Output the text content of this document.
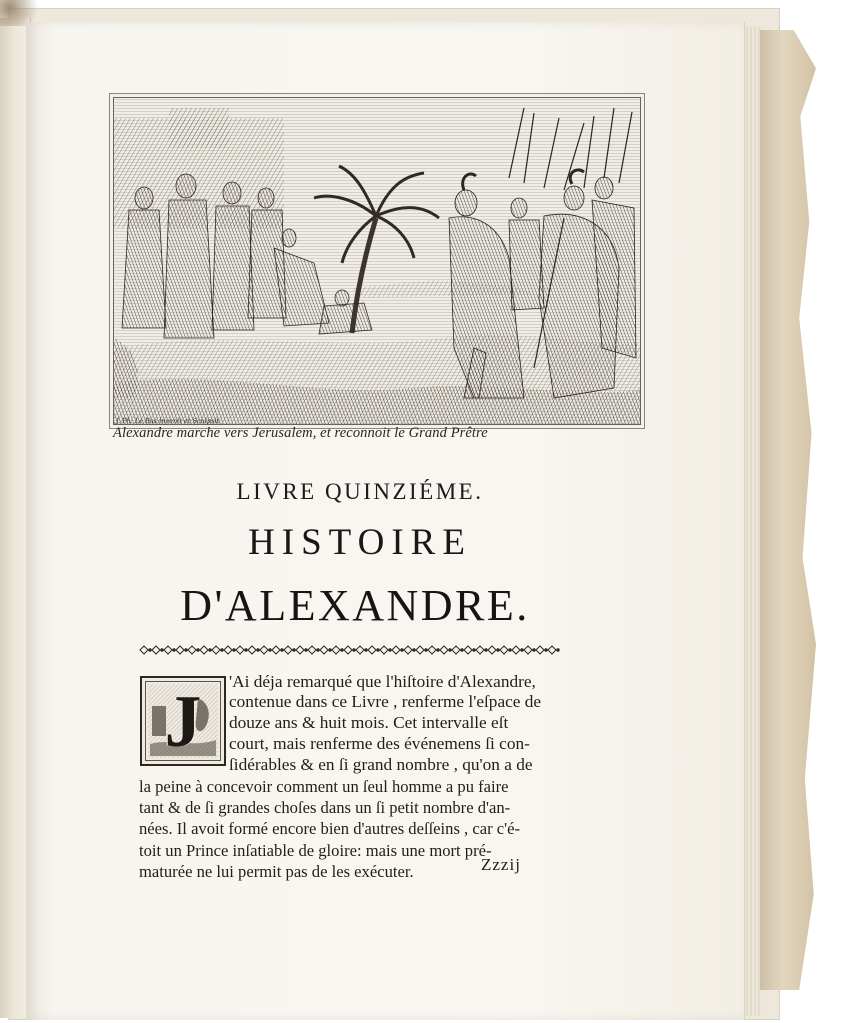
J. Ph. Le Bas invenit et Sculpsit.
Alexandre marche vers Jerusalem, et reconnoit le Grand Prêtre
LIVRE QUINZIÉME.
HISTOIRE
D'ALEXANDRE.
J 'Ai déja remarqué que l'hiſtoire d'Alexandre,
contenue dans ce Livre , renferme l'eſpace de
douze ans & huit mois. Cet intervalle eſt
court, mais renferme des événemens ſi con-
ſidérables & en ſi grand nombre , qu'on a de
la peine à concevoir comment un ſeul homme a pu faire
tant & de ſi grandes choſes dans un ſi petit nombre d'an-
nées. Il avoit formé encore bien d'autres deſſeins , car c'é-
toit un Prince inſatiable de gloire: mais une mort pré-
maturée ne lui permit pas de les exécuter.	Zzzij
